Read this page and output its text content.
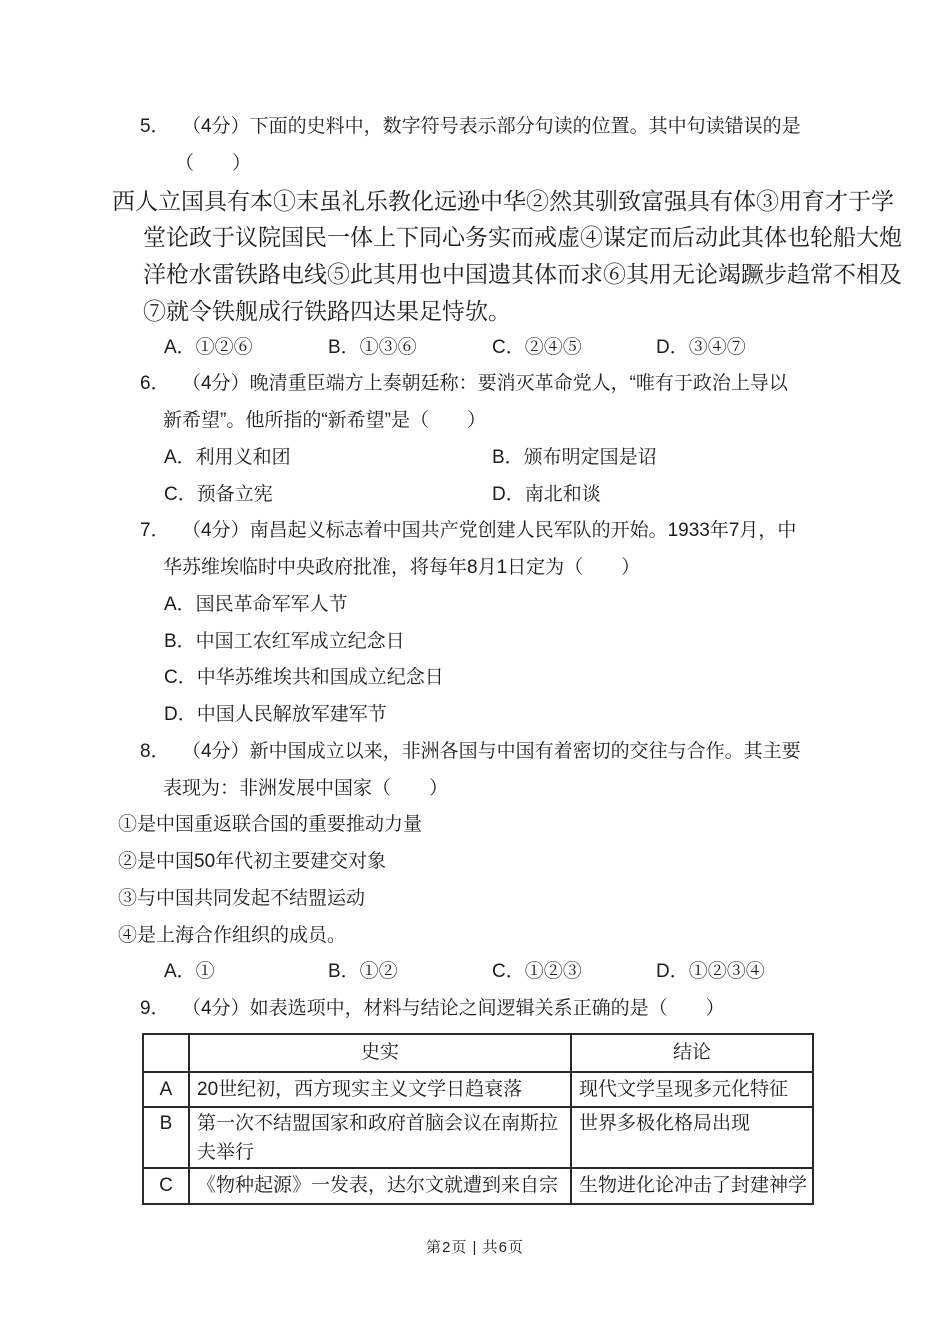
5． （4分）下面的史料中，数字符号表示部分句读的位置。其中句读错误的是
（　　）
西人立国具有本①末虽礼乐教化远逊中华②然其驯致富强具有体③用育才于学
堂论政于议院国民一体上下同心务实而戒虚④谋定而后动此其体也轮船大炮
洋枪水雷铁路电线⑤此其用也中国遗其体而求⑥其用无论竭蹶步趋常不相及
⑦就令铁舰成行铁路四达果足恃欤。
A．①②⑥	B．①③⑥	C．②④⑤	D．③④⑦
6． （4分）晚清重臣端方上奏朝廷称：要消灭革命党人，“唯有于政治上导以
新希望”。他所指的“新希望”是（　　）
A．利用义和团	B．颁布明定国是诏
C．预备立宪	D．南北和谈
7． （4分）南昌起义标志着中国共产党创建人民军队的开始。1933年7月，中
华苏维埃临时中央政府批准，将每年8月1日定为（　　）
A．国民革命军军人节
B．中国工农红军成立纪念日
C．中华苏维埃共和国成立纪念日
D．中国人民解放军建军节
8． （4分）新中国成立以来，非洲各国与中国有着密切的交往与合作。其主要
表现为：非洲发展中国家（　　）
①是中国重返联合国的重要推动力量
②是中国50年代初主要建交对象
③与中国共同发起不结盟运动
④是上海合作组织的成员。
A．①	B．①②	C．①②③	D．①②③④
9． （4分）如表选项中，材料与结论之间逻辑关系正确的是（　　）
	史实	结论
A	20世纪初，西方现实主义文学日趋衰落	现代文学呈现多元化特征
B	第一次不结盟国家和政府首脑会议在南斯拉夫举行	世界多极化格局出现
C	《物种起源》一发表，达尔文就遭到来自宗	生物进化论冲击了封建神学
第2页 | 共6页
